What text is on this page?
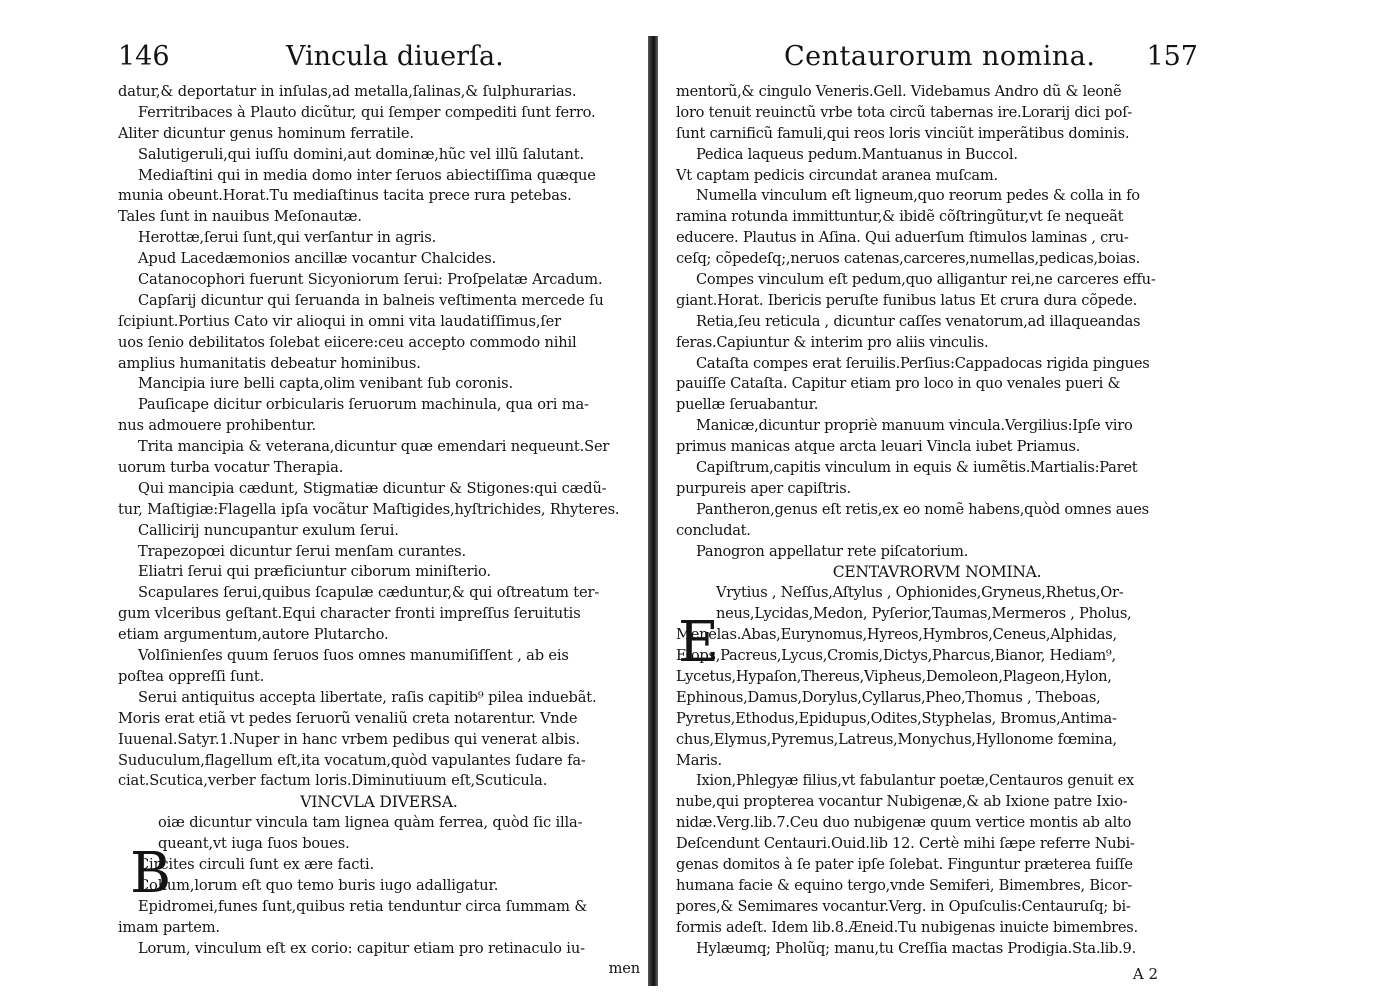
146	Vincula diuerſa.
datur,& deportatur in inſulas,ad metalla,ſalinas,& ſulphurarias.
Ferritribaces à Plauto dicũtur, qui ſemper compediti ſunt ferro.
Aliter dicuntur genus hominum ferratile.
Salutigeruli,qui iuſſu domini,aut dominæ,hũc vel illũ ſalutant.
Mediaſtini qui in media domo inter ſeruos abiectiſſima quæque
munia obeunt.Horat.Tu mediaſtinus tacita prece rura petebas.
Tales ſunt in nauibus Meſonautæ.
Herottæ,ſerui ſunt,qui verſantur in agris.
Apud Lacedæmonios ancillæ vocantur Chalcides.
Catanocophori fuerunt Sicyoniorum ſerui: Proſpelatæ Arcadum.
Capſarij dicuntur qui ſeruanda in balneis veſtimenta mercede ſu
ſcipiunt.Portius Cato vir alioqui in omni vita laudatiſſimus,ſer
uos ſenio debilitatos ſolebat eiicere:ceu accepto commodo nihil
amplius humanitatis debeatur hominibus.
Mancipia iure belli capta,olim venibant ſub coronis.
Pauſicape dicitur orbicularis ſeruorum machinula, qua ori ma-
nus admouere prohibentur.
Trita mancipia & veterana,dicuntur quæ emendari nequeunt.Ser
uorum turba vocatur Therapia.
Qui mancipia cædunt, Stigmatiæ dicuntur & Stigones:qui cædũ-
tur, Maſtigiæ:Flagella ipſa vocãtur Maſtigides,hyſtrichides, Rhyteres.
Callicirij nuncupantur exulum ſerui.
Trapezopœi dicuntur ſerui menſam curantes.
Eliatri ſerui qui præficiuntur ciborum miniſterio.
Scapulares ſerui,quibus ſcapulæ cæduntur,& qui oſtreatum ter-
gum vlceribus geſtant.Equi character fronti impreſſus ſeruitutis
etiam argumentum,autore Plutarcho.
Volſinienſes quum ſeruos ſuos omnes manumiſiſſent , ab eis
poſtea oppreſſi ſunt.
Serui antiquitus accepta libertate, raſis capitib⁹ pileа induebãt.
Moris erat etiã vt pedes ſeruorũ venaliũ creta notarentur. Vnde
Iuuenal.Satyr.1.Nuper in hanc vrbem pedibus qui venerat albis.
Suduculum,flagellum eſt,ita vocatum,quòd vapulantes ſudare fa-
ciat.Scutica,verber factum loris.Diminutiuum eſt,Scuticula.
VINCVLA DIVERSA.
oiæ dicuntur vincula tam lignea quàm ferrea, quòd ſic illa-
queant,vt iuga ſuos boues.
Circites circuli ſunt ex ære facti.
Cohum,lorum eſt quo temo buris iugo adalligatur.
Epidromei,funes ſunt,quibus retia tenduntur circa ſummam &
imam partem.
Lorum, vinculum eſt ex corio: capitur etiam pro retinaculo iu-
men
B
Centaurorum nomina. 157
mentorũ,& cingulo Veneris.Gell. Videbamus Andro dũ & leonẽ
loro tenuit reuinctũ vrbe tota circũ tabernas ire.Lorarij dici poſ-
ſunt carnificũ famuli,qui reos loris vinciũt imperãtibus dominis.
Pedica laqueus pedum.Mantuanus in Buccol.
Vt captam pedicis circundat aranea muſcam.
Numella vinculum eſt ligneum,quo reorum pedes & colla in fo
ramina rotunda immittuntur,& ibidẽ cõſtringũtur,vt ſe nequeãt
educere. Plautus in Aſina. Qui aduerſum ſtimulos laminas , cru-
ceſq; cõpedeſq;,neruos catenas,carceres,numellas,pedicas,boias.
Compes vinculum eſt pedum,quo alligantur rei,ne carceres effu-
giant.Horat. Ibericis peruſte funibus latus Et crura dura cõpede.
Retia,ſeu reticula , dicuntur caſſes venatorum,ad illaqueandas
feras.Capiuntur & interim pro aliis vinculis.
Cataſta compes erat ſeruilis.Perſius:Cappadocas rigida pingues
pauiſſe Cataſta. Capitur etiam pro loco in quo venales pueri &
puellæ ſeruabantur.
Manicæ,dicuntur propriè manuum vincula.Vergilius:Ipſe viro
primus manicas atque arcta leuari Vincla iubet Priamus.
Capiſtrum,capitis vinculum in equis & iumẽtis.Martialis:Paret
purpureis aper capiſtris.
Pantheron,genus eſt retis,ex eo nomẽ habens,quòd omnes aues
concludat.
Panogron appellatur rete piſcatorium.
CENTAVRORVM NOMINA.
Vrytius , Neſſus,Aſtylus , Ophionides,Gryneus,Rhetus,Or-
neus,Lycidas,Medon, Pyſerior,Taumas,Mermeros , Pholus,
Menelas.Abas,Eurynomus,Hyreos,Hymbros,Ceneus,Alphidas,
Elops,Pacreus,Lycus,Cromis,Dictys,Pharcus,Bianor, Hediam⁹,
Lycetus,Hypaſon,Thereus,Vipheus,Demoleon,Plageon,Hylon,
Ephinous,Damus,Dorylus,Cyllarus,Pheo,Thomus , Theboas,
Pyretus,Ethodus,Epidupus,Odites,Styphelas, Bromus,Antima-
chus,Elymus,Pyremus,Latreus,Monychus,Hyllonome fœmina,
Maris.
Ixion,Phlegyæ filius,vt fabulantur poetæ,Centauros genuit ex
nube,qui propterea vocantur Nubigenæ,& ab Ixione patre Ixio-
nidæ.Verg.lib.7.Ceu duo nubigenæ quum vertice montis ab alto
Deſcendunt Centauri.Ouid.lib 12. Certè mihi ſæpe referre Nubi-
genas domitos à ſe pater ipſe ſolebat. Finguntur præterea fuiſſe
humana facie & equino tergo,vnde Semiferi, Bimembres, Bicor-
pores,& Semimares vocantur.Verg. in Opuſculis:Centauruſq; bi-
formis adeſt. Idem lib.8.Æneid.Tu nubigenas inuicte bimembres.
Hylæumq; Pholũq; manu,tu Creſſia mactas Prodigia.Sta.lib.9.
E
A 2
